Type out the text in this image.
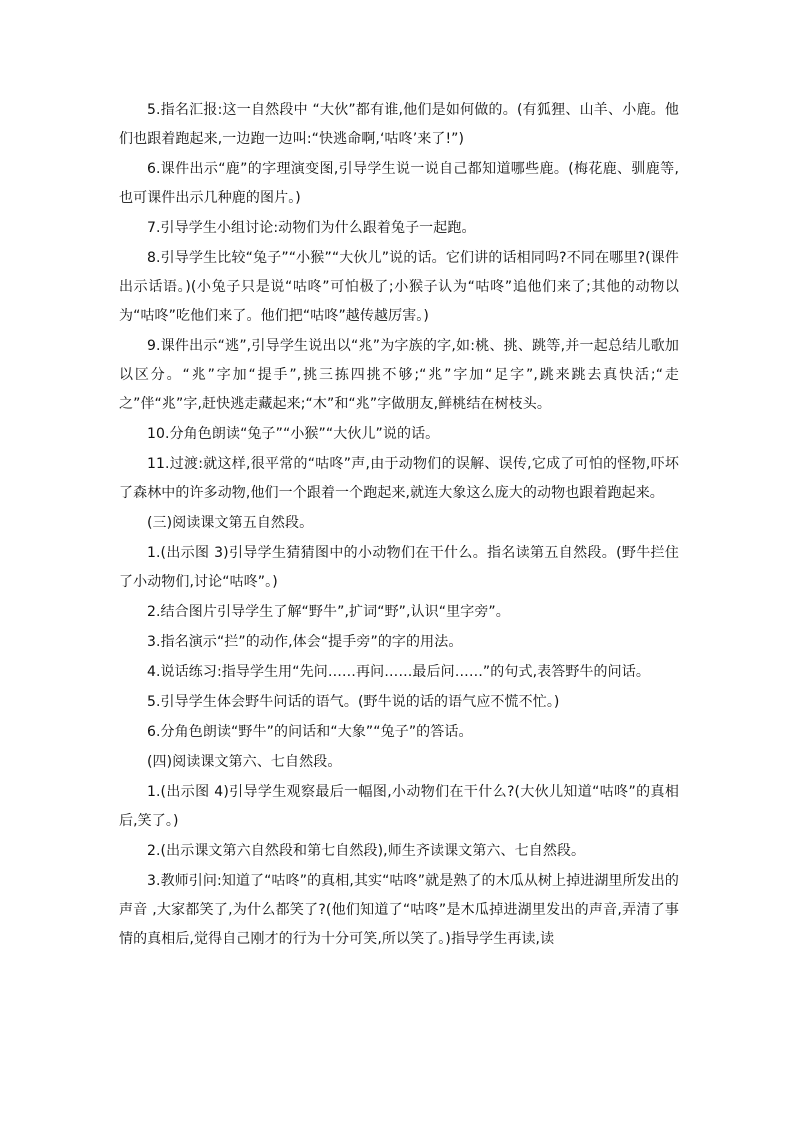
5.指名汇报:这一自然段中 “大伙”都有谁,他们是如何做的。(有狐狸、山羊、小鹿。他们也跟着跑起来,一边跑一边叫:“快逃命啊,‘咕咚’来了!”)

6.课件出示“鹿”的字理演变图,引导学生说一说自己都知道哪些鹿。(梅花鹿、驯鹿等,也可课件出示几种鹿的图片。)

7.引导学生小组讨论:动物们为什么跟着兔子一起跑。

8.引导学生比较“兔子”“小猴”“大伙儿”说的话。它们讲的话相同吗?不同在哪里?(课件出示话语。)(小兔子只是说“咕咚”可怕极了;小猴子认为“咕咚”追他们来了;其他的动物以为“咕咚”吃他们来了。他们把“咕咚”越传越厉害。)

9.课件出示“逃”,引导学生说出以“兆”为字族的字,如:桃、挑、跳等,并一起总结儿歌加以区分。“兆”字加“提手”,挑三拣四挑不够;“兆”字加“足字”,跳来跳去真快活;“走之”伴“兆”字,赶快逃走藏起来;“木”和“兆”字做朋友,鲜桃结在树枝头。

10.分角色朗读“兔子”“小猴”“大伙儿”说的话。

11.过渡:就这样,很平常的“咕咚”声,由于动物们的误解、误传,它成了可怕的怪物,吓坏了森林中的许多动物,他们一个跟着一个跑起来,就连大象这么庞大的动物也跟着跑起来。

(三)阅读课文第五自然段。

1.(出示图 3)引导学生猜猜图中的小动物们在干什么。指名读第五自然段。(野牛拦住了小动物们,讨论“咕咚”。)

2.结合图片引导学生了解“野牛”,扩词“野”,认识“里字旁”。

3.指名演示“拦”的动作,体会“提手旁”的字的用法。

4.说话练习:指导学生用“先问……再问……最后问……”的句式,表答野牛的问话。

5.引导学生体会野牛问话的语气。(野牛说的话的语气应不慌不忙。)

6.分角色朗读“野牛”的问话和“大象”“兔子”的答话。

(四)阅读课文第六、七自然段。

1.(出示图 4)引导学生观察最后一幅图,小动物们在干什么?(大伙儿知道“咕咚”的真相后,笑了。)

2.(出示课文第六自然段和第七自然段),师生齐读课文第六、七自然段。

3.教师引问:知道了“咕咚”的真相,其实“咕咚”就是熟了的木瓜从树上掉进湖里所发出的声音 ,大家都笑了,为什么都笑了?(他们知道了“咕咚”是木瓜掉进湖里发出的声音,弄清了事情的真相后,觉得自己刚才的行为十分可笑,所以笑了。)指导学生再读,读
